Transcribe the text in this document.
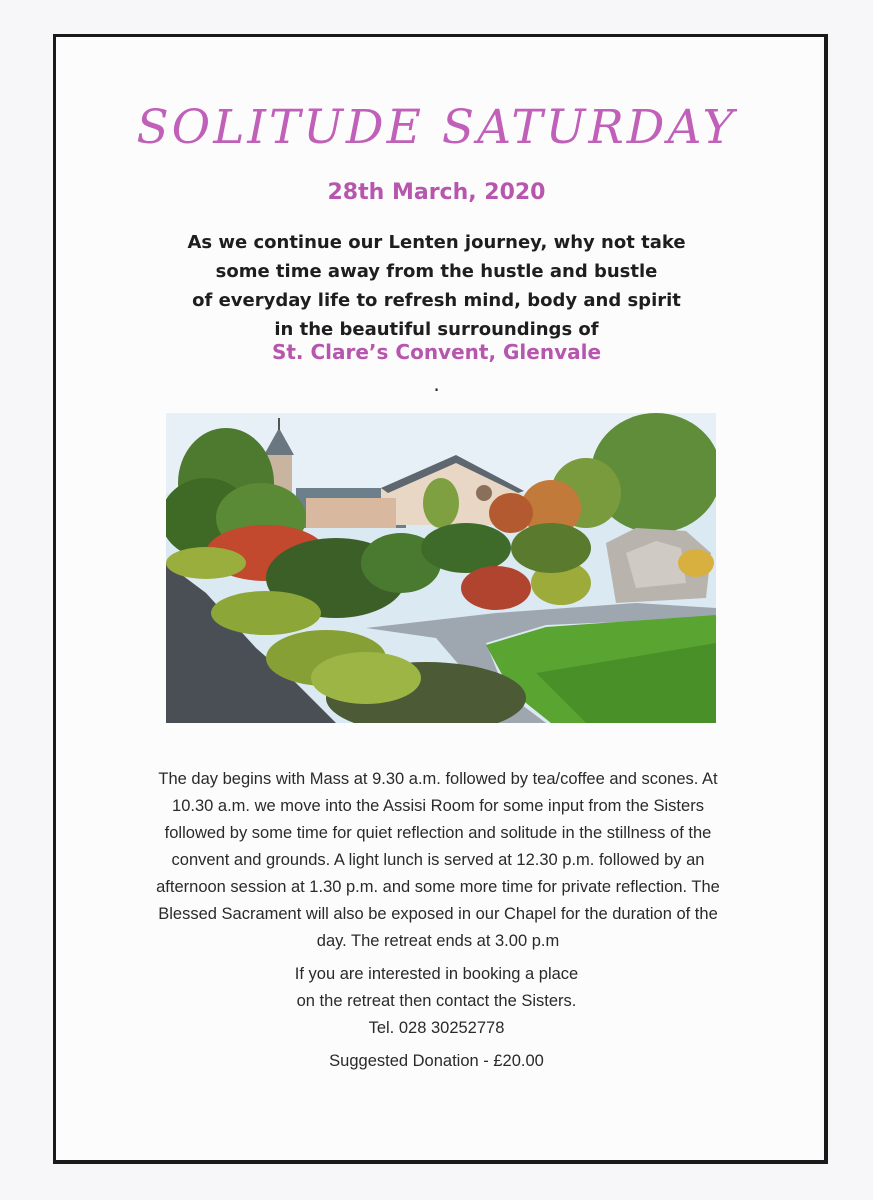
SOLITUDE SATURDAY
28th March, 2020
As we continue our Lenten journey, why not take
some time away from the hustle and bustle
of everyday life to refresh mind, body and spirit
in the beautiful surroundings of
St. Clare’s Convent, Glenvale
.
The day begins with Mass at 9.30 a.m. followed by tea/coffee and scones. At
10.30 a.m. we move into the Assisi Room for some input from the Sisters
followed by some time for quiet reflection and solitude in the stillness of the
convent and grounds. A light lunch is served at 12.30 p.m. followed by an
afternoon session at 1.30 p.m. and some more time for private reflection. The
Blessed Sacrament will also be exposed in our Chapel for the duration of the
day. The retreat ends at 3.00 p.m
If you are interested in booking a place
on the retreat then contact the Sisters.
Tel. 028 30252778
Suggested Donation - £20.00
